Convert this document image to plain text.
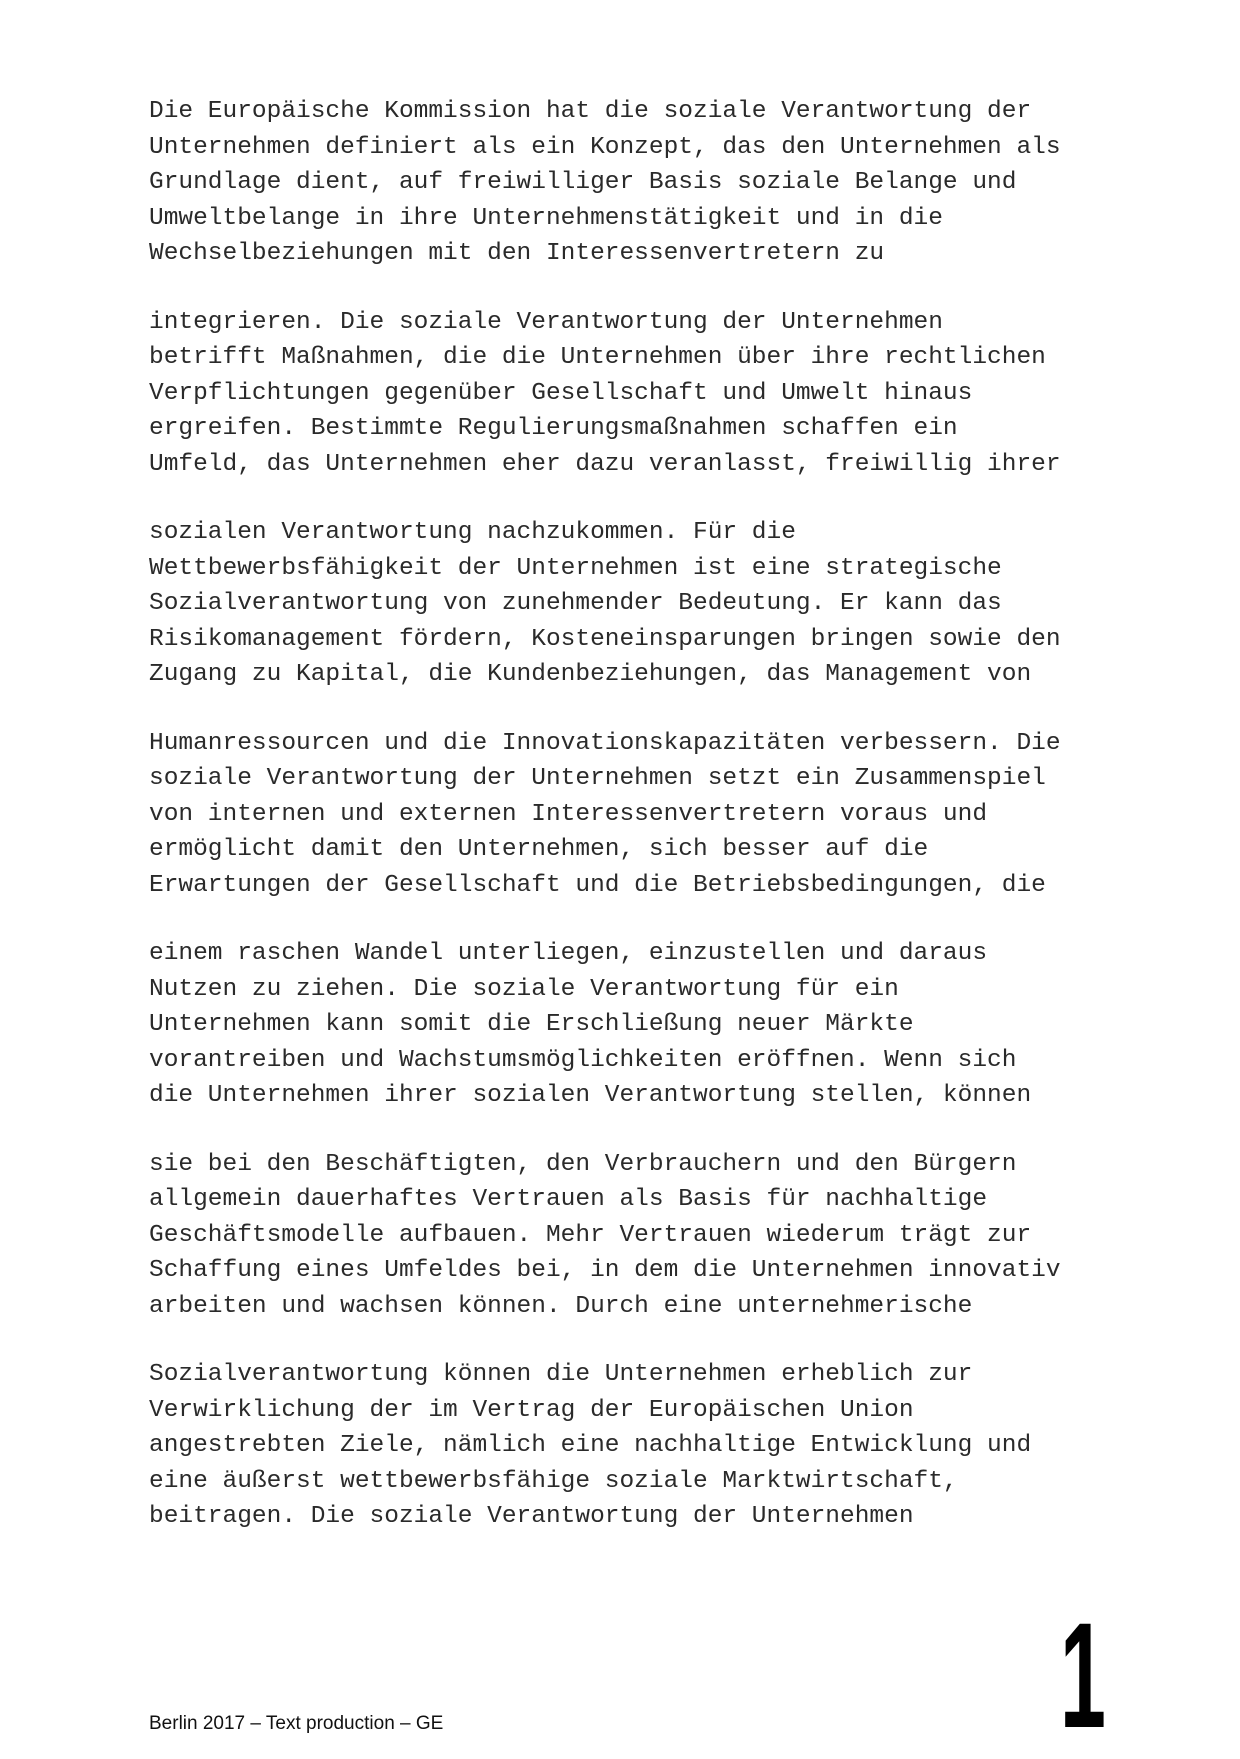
Die Europäische Kommission hat die soziale Verantwortung der
Unternehmen definiert als ein Konzept, das den Unternehmen als
Grundlage dient, auf freiwilliger Basis soziale Belange und
Umweltbelange in ihre Unternehmenstätigkeit und in die
Wechselbeziehungen mit den Interessenvertretern zu

integrieren. Die soziale Verantwortung der Unternehmen
betrifft Maßnahmen, die die Unternehmen über ihre rechtlichen
Verpflichtungen gegenüber Gesellschaft und Umwelt hinaus
ergreifen. Bestimmte Regulierungsmaßnahmen schaffen ein
Umfeld, das Unternehmen eher dazu veranlasst, freiwillig ihrer

sozialen Verantwortung nachzukommen. Für die
Wettbewerbsfähigkeit der Unternehmen ist eine strategische
Sozialverantwortung von zunehmender Bedeutung. Er kann das
Risikomanagement fördern, Kosteneinsparungen bringen sowie den
Zugang zu Kapital, die Kundenbeziehungen, das Management von

Humanressourcen und die Innovationskapazitäten verbessern. Die
soziale Verantwortung der Unternehmen setzt ein Zusammenspiel
von internen und externen Interessenvertretern voraus und
ermöglicht damit den Unternehmen, sich besser auf die
Erwartungen der Gesellschaft und die Betriebsbedingungen, die

einem raschen Wandel unterliegen, einzustellen und daraus
Nutzen zu ziehen. Die soziale Verantwortung für ein
Unternehmen kann somit die Erschließung neuer Märkte
vorantreiben und Wachstumsmöglichkeiten eröffnen. Wenn sich
die Unternehmen ihrer sozialen Verantwortung stellen, können

sie bei den Beschäftigten, den Verbrauchern und den Bürgern
allgemein dauerhaftes Vertrauen als Basis für nachhaltige
Geschäftsmodelle aufbauen. Mehr Vertrauen wiederum trägt zur
Schaffung eines Umfeldes bei, in dem die Unternehmen innovativ
arbeiten und wachsen können. Durch eine unternehmerische

Sozialverantwortung können die Unternehmen erheblich zur
Verwirklichung der im Vertrag der Europäischen Union
angestrebten Ziele, nämlich eine nachhaltige Entwicklung und
eine äußerst wettbewerbsfähige soziale Marktwirtschaft,
beitragen. Die soziale Verantwortung der Unternehmen

1
Berlin 2017 – Text production – GE
